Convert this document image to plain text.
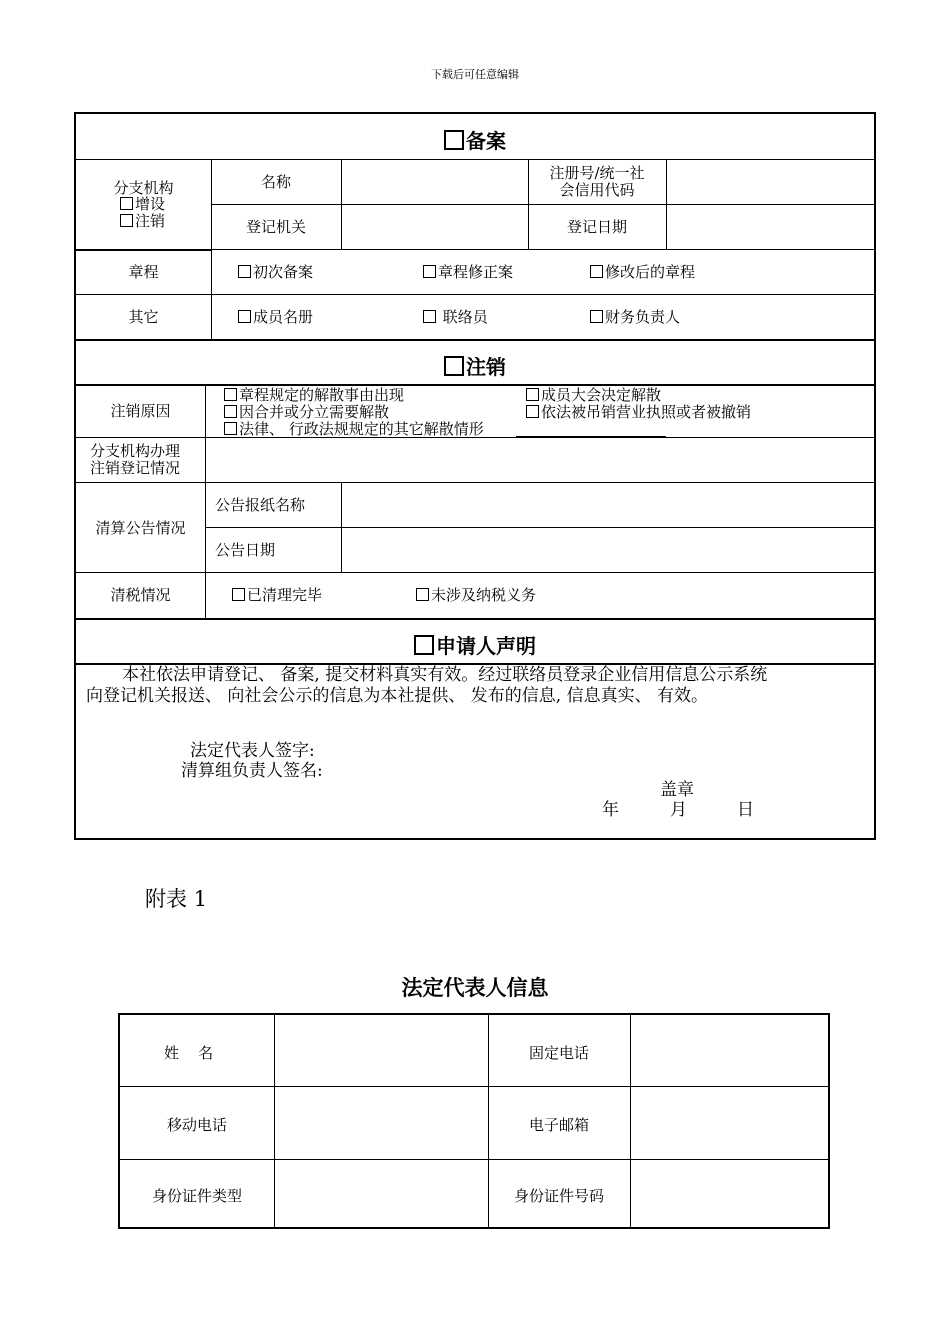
下载后可任意编辑
备案
分支机构
增设
注销
名称	注册号/统一社
会信用代码
登记机关	登记日期
章程	初次备案	章程修正案	修改后的章程
其它	成员名册	联络员	财务负责人
注销
注销原因
章程规定的解散事由出现	成员大会决定解散
因合并或分立需要解散	依法被吊销营业执照或者被撤销
法律、 行政法规规定的其它解散情形
分支机构办理
注销登记情况
清算公告情况
公告报纸名称
公告日期
清税情况	已清理完毕	未涉及纳税义务
申请人声明
本社依法申请登记、 备案, 提交材料真实有效。经过联络员登录企业信用信息公示系统
向登记机关报送、 向社会公示的信息为本社提供、 发布的信息, 信息真实、 有效。
法定代表人签字:
清算组负责人签名:
盖章
年	月	日
附表 1
法定代表人信息
姓    名	固定电话
移动电话	电子邮箱
身份证件类型	身份证件号码
